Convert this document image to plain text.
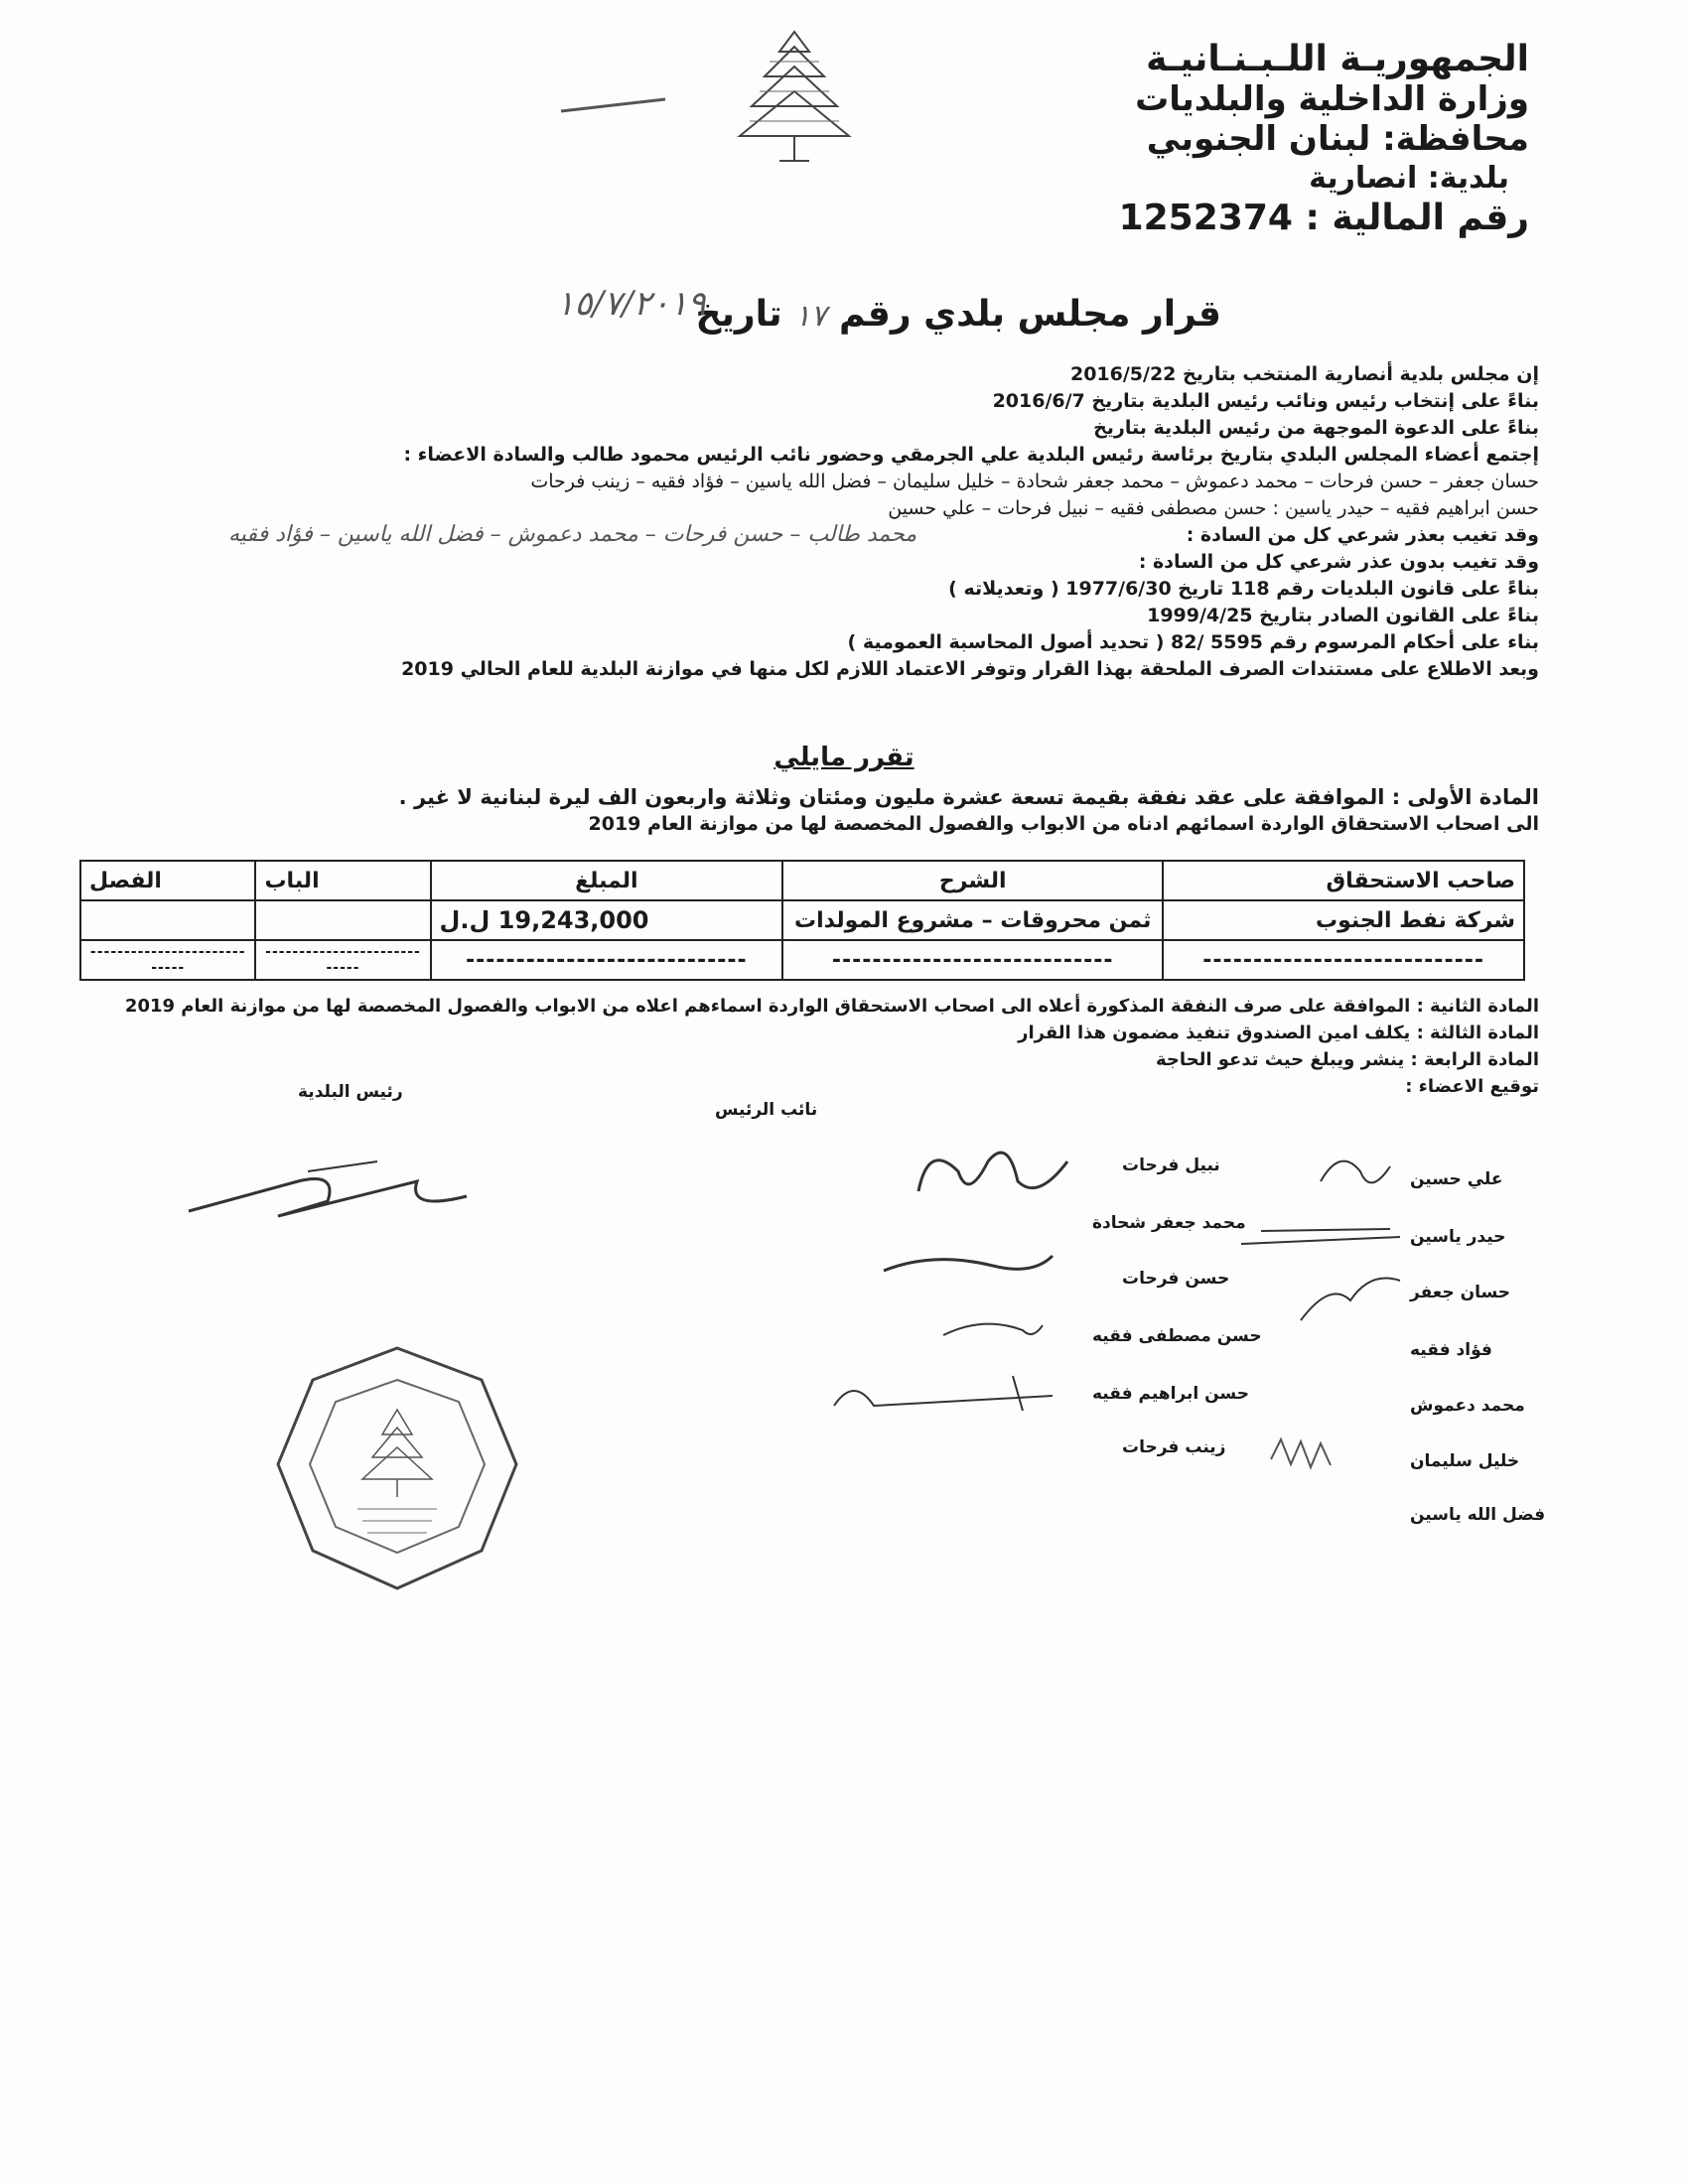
الجمهوريـة اللـبـنـانيـة
وزارة الداخلية والبلديات
محافظة: لبنان الجنوبي
بلدية: انصارية
رقم المالية : 1252374
قرار مجلس بلدي رقم ١٧ تاريخ
١٥/٧/٢٠١٩
إن مجلس بلدية أنصارية المنتخب بتاريخ 2016/5/22
بناءً على إنتخاب رئيس ونائب رئيس البلدية بتاريخ 2016/6/7
بناءً على الدعوة الموجهة من رئيس البلدية بتاريخ
إجتمع أعضاء المجلس البلدي بتاريخ برئاسة رئيس البلدية علي الجرمقي وحضور نائب الرئيس محمود طالب والسادة الاعضاء :
حسان جعفر – حسن فرحات – محمد دعموش – محمد جعفر شحادة – خليل سليمان – فضل الله ياسين – فؤاد فقيه – زينب فرحات
حسن ابراهيم فقيه – حيدر ياسين : حسن مصطفى فقيه – نبيل فرحات – علي حسين
وقد تغيب بعذر شرعي كل من السادة :
وقد تغيب بدون عذر شرعي كل من السادة :
بناءً على قانون البلديات رقم 118 تاريخ 1977/6/30 ( وتعديلاته )
بناءً على القانون الصادر بتاريخ 1999/4/25
بناء على أحكام المرسوم رقم 5595 /82 ( تحديد أصول المحاسبة العمومية )
وبعد الاطلاع على مستندات الصرف الملحقة بهذا القرار وتوفر الاعتماد اللازم لكل منها في موازنة البلدية للعام الحالي 2019
محمد طالب – حسن فرحات – محمد دعموش – فضل الله ياسين – فؤاد فقيه
تقرر مايلي
المادة الأولى : الموافقة على عقد نفقة بقيمة تسعة عشرة مليون ومئتان وثلاثة واربعون الف ليرة لبنانية لا غير .
الى اصحاب الاستحقاق الواردة اسمائهم ادناه من الابواب والفصول المخصصة لها من موازنة العام 2019
صاحب الاستحقاق	الشرح	المبلغ	الباب	الفصل
شركة نفط الجنوب	ثمن محروقات – مشروع المولدات	19,243,000 ل.ل		
----------------------------	----------------------------	----------------------------	----------------------------	----------------------------
المادة الثانية : الموافقة على صرف النفقة المذكورة أعلاه الى اصحاب الاستحقاق الواردة اسماءهم اعلاه من الابواب والفصول المخصصة لها من موازنة العام 2019
المادة الثالثة : يكلف امين الصندوق تنفيذ مضمون هذا القرار
المادة الرابعة : ينشر ويبلغ حيث تدعو الحاجة
توقيع الاعضاء :
رئيس البلدية
نائب الرئيس
علي حسين
حيدر ياسين
حسان جعفر
فؤاد فقيه
محمد دعموش
خليل سليمان
فضل الله ياسين
نبيل فرحات
محمد جعفر شحادة
حسن فرحات
حسن مصطفى فقيه
حسن ابراهيم فقيه
زينب فرحات
